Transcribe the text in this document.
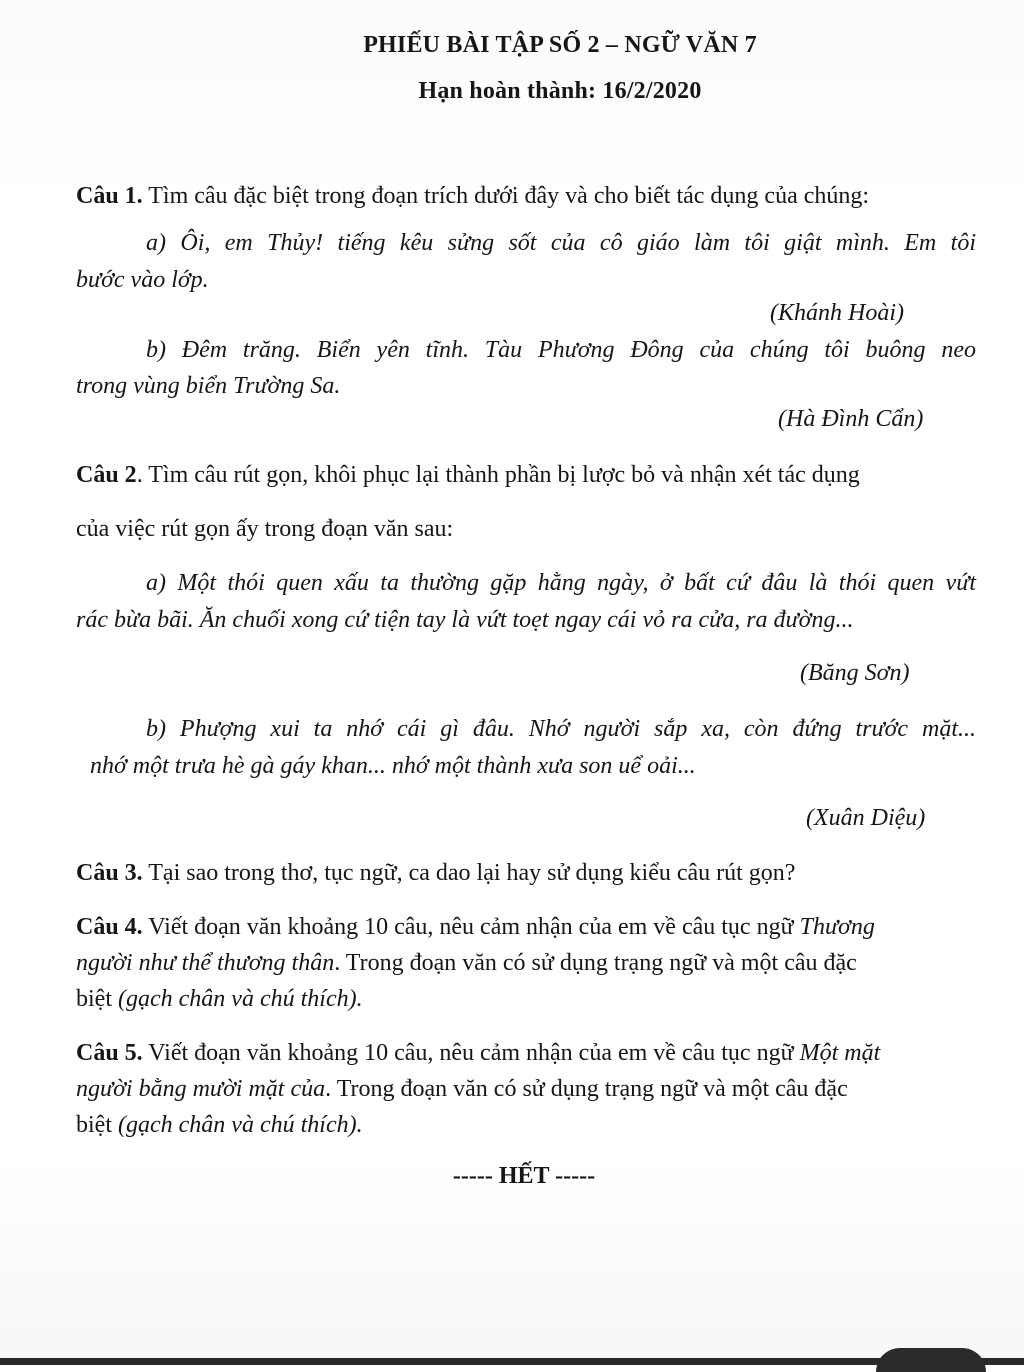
PHIẾU BÀI TẬP SỐ 2 – NGỮ VĂN 7
Hạn hoàn thành: 16/2/2020
Câu 1. Tìm câu đặc biệt trong đoạn trích dưới đây và cho biết tác dụng của chúng:
a) Ôi, em Thủy! tiếng kêu sửng sốt của cô giáo làm tôi giật mình. Em tôi
bước vào lớp.
(Khánh Hoài)
b) Đêm trăng. Biển yên tĩnh. Tàu Phương Đông của chúng tôi buông neo
trong vùng biển Trường Sa.
(Hà Đình Cẩn)
Câu 2. Tìm câu rút gọn, khôi phục lại thành phần bị lược bỏ và nhận xét tác dụng
của việc rút gọn ấy trong đoạn văn sau:
a) Một thói quen xấu ta thường gặp hằng ngày, ở bất cứ đâu là thói quen vứt
rác bừa bãi. Ăn chuối xong cứ tiện tay là vứt toẹt ngay cái vỏ ra cửa, ra đường...
(Băng Sơn)
b) Phượng xui ta nhớ cái gì đâu. Nhớ người sắp xa, còn đứng trước mặt...
nhớ một trưa hè gà gáy khan... nhớ một thành xưa son uể oải...
(Xuân Diệu)
Câu 3. Tại sao trong thơ, tục ngữ, ca dao lại hay sử dụng kiểu câu rút gọn?
Câu 4. Viết đoạn văn khoảng 10 câu, nêu cảm nhận của em về câu tục ngữ Thương
người như thể thương thân. Trong đoạn văn có sử dụng trạng ngữ và một câu đặc
biệt (gạch chân và chú thích).
Câu 5. Viết đoạn văn khoảng 10 câu, nêu cảm nhận của em về câu tục ngữ Một mặt
người bằng mười mặt của. Trong đoạn văn có sử dụng trạng ngữ và một câu đặc
biệt (gạch chân và chú thích).
----- HẾT -----
